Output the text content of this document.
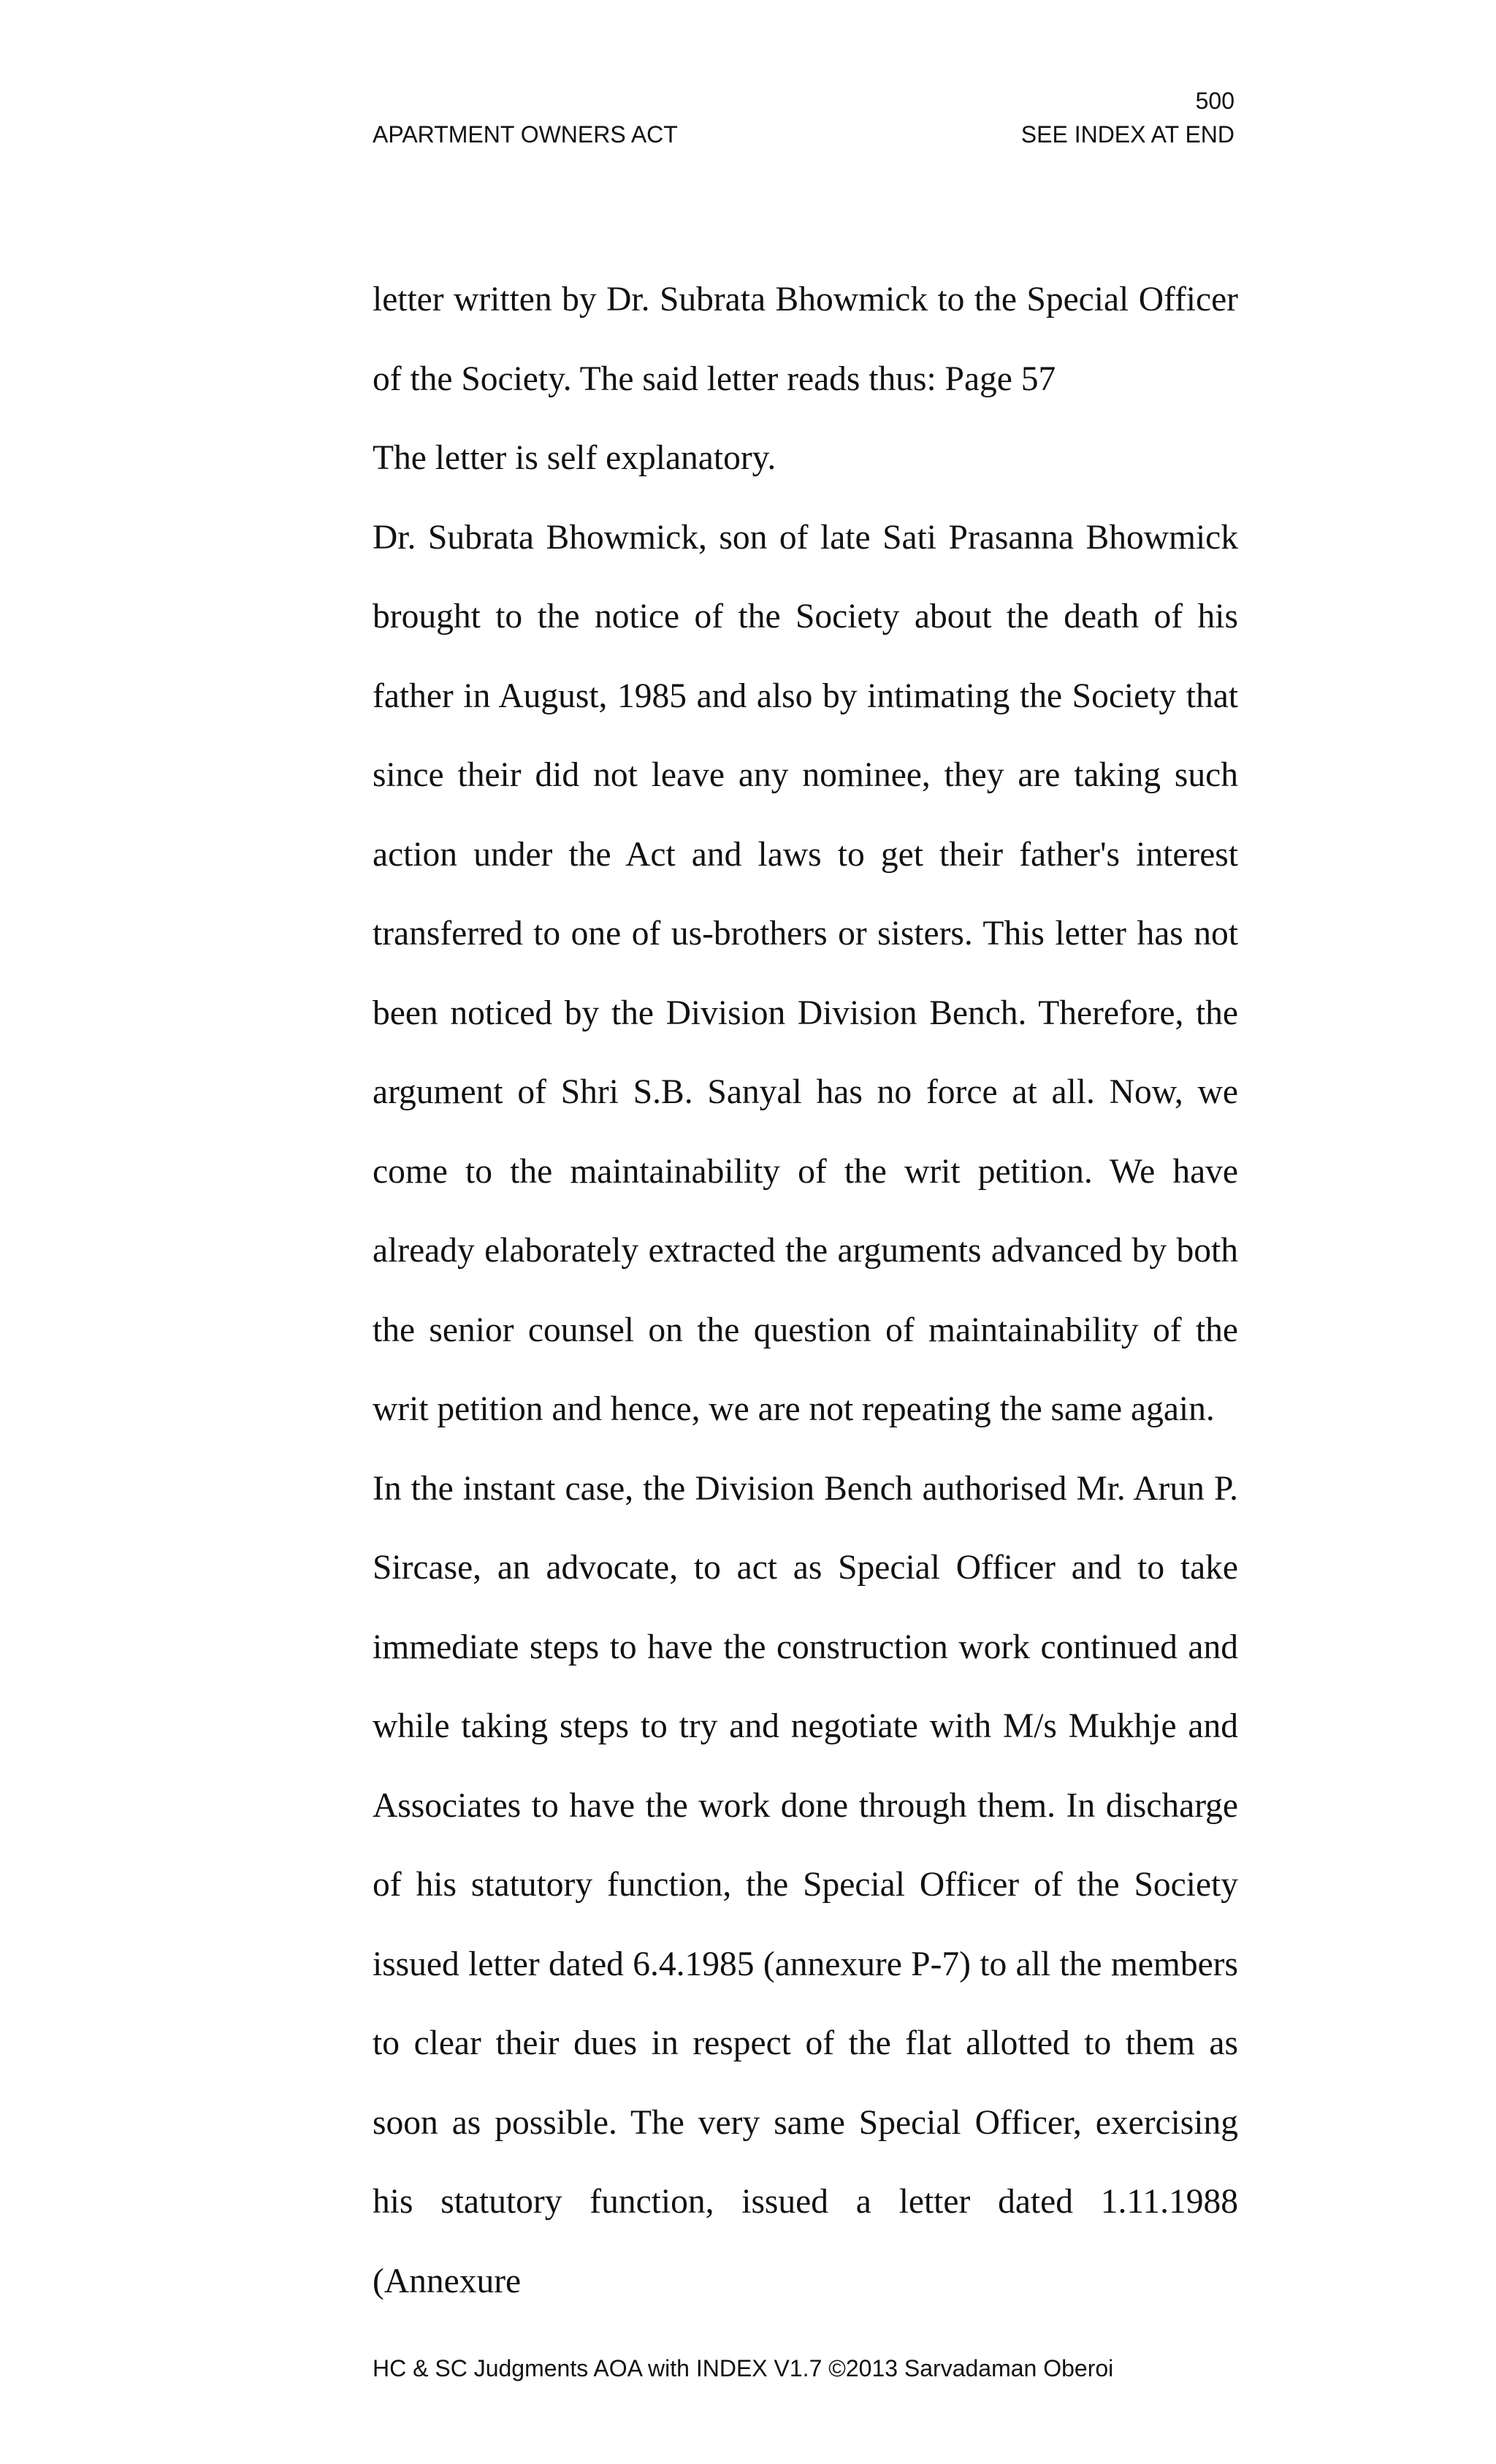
500
APARTMENT OWNERS ACT	SEE INDEX AT END

letter written by Dr. Subrata Bhowmick to the Special Officer of the Society. The said letter reads thus: Page 57

The letter is self explanatory.

Dr. Subrata Bhowmick, son of late Sati Prasanna Bhowmick brought to the notice of the Society about the death of his father in August, 1985 and also by intimating the Society that since their did not leave any nominee, they are taking such action under the Act and laws to get their father's interest transferred to one of us-brothers or sisters. This letter has not been noticed by the Division Division Bench. Therefore, the argument of Shri S.B. Sanyal has no force at all. Now, we come to the maintainability of the writ petition. We have already elaborately extracted the arguments advanced by both the senior counsel on the question of maintainability of the writ petition and hence, we are not repeating the same again.

In the instant case, the Division Bench authorised Mr. Arun P. Sircase, an advocate, to act as Special Officer and to take immediate steps to have the construction work continued and while taking steps to try and negotiate with M/s Mukhje and Associates to have the work done through them. In discharge of his statutory function, the Special Officer of the Society issued letter dated 6.4.1985 (annexure P-7) to all the members to clear their dues in respect of the flat allotted to them as soon as possible. The very same Special Officer, exercising his statutory function, issued a letter dated 1.11.1988 (Annexure

HC & SC Judgments AOA with INDEX V1.7 ©2013 Sarvadaman Oberoi
